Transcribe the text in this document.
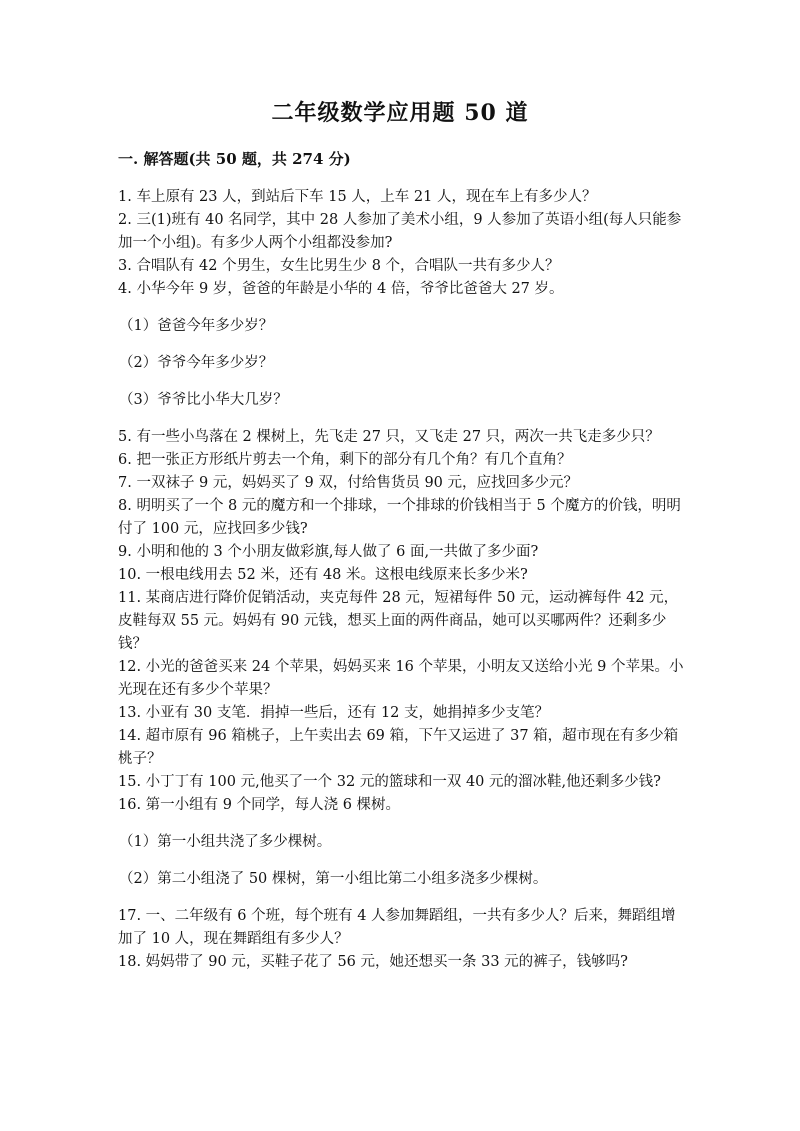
二年级数学应用题 50 道
一. 解答题(共 50 题，共 274 分)

1. 车上原有 23 人，到站后下车 15 人，上车 21 人，现在车上有多少人？

2. 三(1)班有 40 名同学，其中 28 人参加了美术小组，9 人参加了英语小组(每人只能参加一个小组)。有多少人两个小组都没参加?

3. 合唱队有 42 个男生，女生比男生少 8 个，合唱队一共有多少人？

4. 小华今年 9 岁，爸爸的年龄是小华的 4 倍，爷爷比爸爸大 27 岁。

（1）爸爸今年多少岁？

（2）爷爷今年多少岁？

（3）爷爷比小华大几岁？

5. 有一些小鸟落在 2 棵树上，先飞走 27 只，又飞走 27 只，两次一共飞走多少只？

6. 把一张正方形纸片剪去一个角，剩下的部分有几个角？有几个直角？

7. 一双袜子 9 元，妈妈买了 9 双，付给售货员 90 元，应找回多少元？

8. 明明买了一个 8 元的魔方和一个排球，一个排球的价钱相当于 5 个魔方的价钱，明明付了 100 元，应找回多少钱?

9. 小明和他的 3 个小朋友做彩旗,每人做了 6 面,一共做了多少面?

10. 一根电线用去 52 米，还有 48 米。这根电线原来长多少米?

11. 某商店进行降价促销活动，夹克每件 28 元，短裙每件 50 元，运动裤每件 42 元，皮鞋每双 55 元。妈妈有 90 元钱，想买上面的两件商品，她可以买哪两件？还剩多少钱？

12. 小光的爸爸买来 24 个苹果，妈妈买来 16 个苹果，小明友又送给小光 9 个苹果。小光现在还有多少个苹果？

13. 小亚有 30 支笔．捐掉一些后，还有 12 支，她捐掉多少支笔？

14. 超市原有 96 箱桃子，上午卖出去 69 箱，下午又运进了 37 箱，超市现在有多少箱桃子？

15. 小丁丁有 100 元,他买了一个 32 元的篮球和一双 40 元的溜冰鞋,他还剩多少钱?

16. 第一小组有 9 个同学，每人浇 6 棵树。

（1）第一小组共浇了多少棵树。

（2）第二小组浇了 50 棵树，第一小组比第二小组多浇多少棵树。

17. 一、二年级有 6 个班，每个班有 4 人参加舞蹈组，一共有多少人？后来，舞蹈组增加了 10 人，现在舞蹈组有多少人？

18. 妈妈带了 90 元，买鞋子花了 56 元，她还想买一条 33 元的裤子，钱够吗?
